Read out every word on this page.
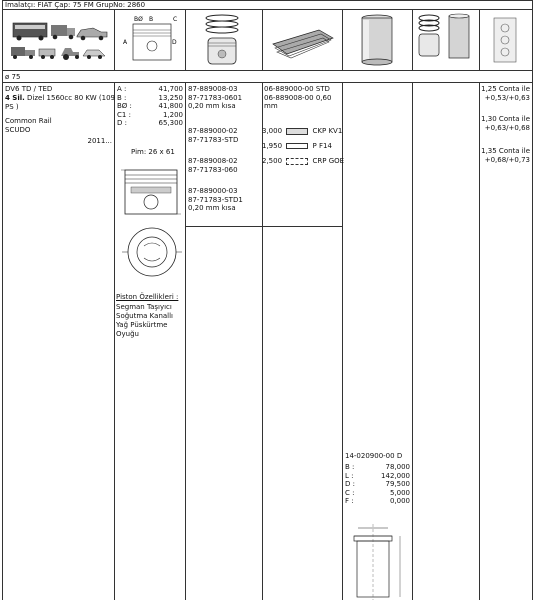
İmalatçı: FIAT Çap: 75 FM GrupNo: 2860
BØ B	C
A	D
ø 75
DV6 TD / TED
4 Sil. Dizel 1560cc 80 KW (109
PS )
Common Rail
SCUDO
2011...
A :	41,700
B :	13,250
BØ :	41,800
C1 :	1,200
D :	65,300
Pim: 26 x 61
Piston Özellikleri :
Segman Taşıyıcı
Soğutma Kanallı
Yağ Püskürtme
Oyuğu
87-889008-03
87-71783-0601
0,20 mm kısa
87-889000-02
87-71783-STD
87-889008-02
87-71783-060
87-889000-03
87-71783-STD1
0,20 mm kısa
06-889000-00 STD
06-889008-00 0,60
mm
3,000	CKP KV1
1,950	P F14
2,500	CRP GOE
14-020900-00 D
B :	78,000
L :	142,000
D :	79,500
C :	5,000
F :	0,000
1,25 Conta ile
+0,53/+0,63
1,30 Conta ile
+0,63/+0,68
1,35 Conta ile
+0,68/+0,73
